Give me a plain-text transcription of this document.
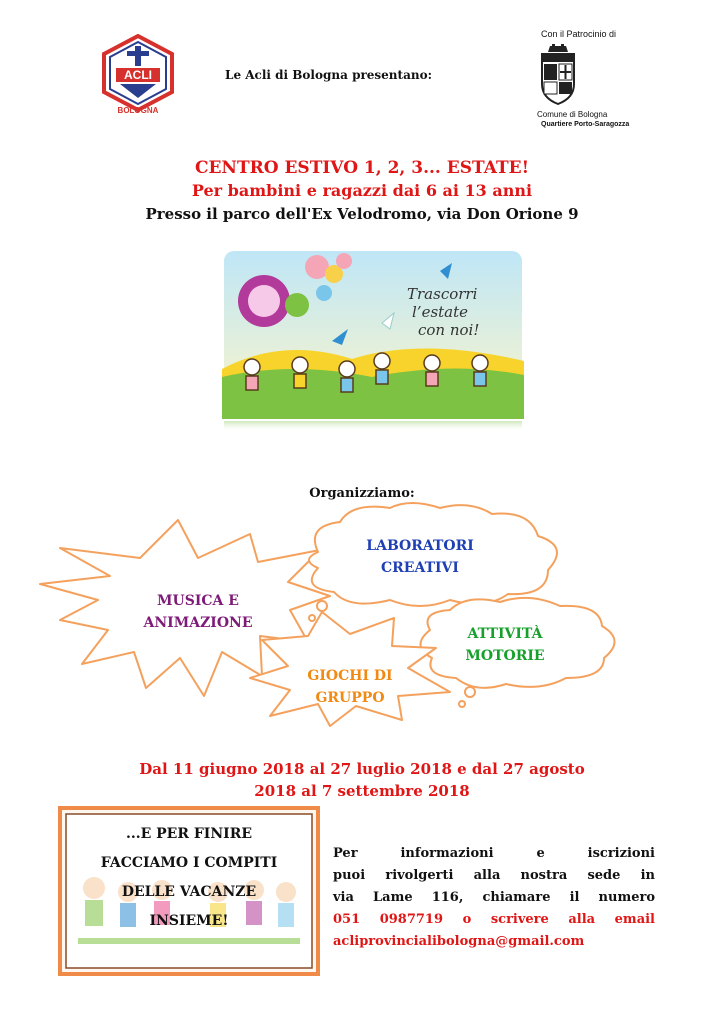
ACLI
BOLOGNA
Le Acli di Bologna presentano:
Con il Patrocinio di
Comune di Bologna
Quartiere Porto-Saragozza
CENTRO ESTIVO 1, 2, 3... ESTATE!
Per bambini e ragazzi dai 6 ai 13 anni
Presso il parco dell'Ex Velodromo, via Don Orione 9
Trascorri
l’estate
con noi!
Organizziamo:
LABORATORI
CREATIVI
MUSICA E
ANIMAZIONE
ATTIVITÀ
MOTORIE
GIOCHI DI
GRUPPO
Dal 11 giugno 2018 al 27 luglio 2018 e dal 27 agosto
2018 al 7 settembre 2018
...E PER FINIRE
FACCIAMO I COMPITI
DELLE VACANZE
INSIEME!
Per informazioni e iscrizioni
puoi rivolgerti alla nostra sede in
via Lame 116, chiamare il numero
051 0987719 o scrivere alla email
acliprovincialibologna@gmail.com
